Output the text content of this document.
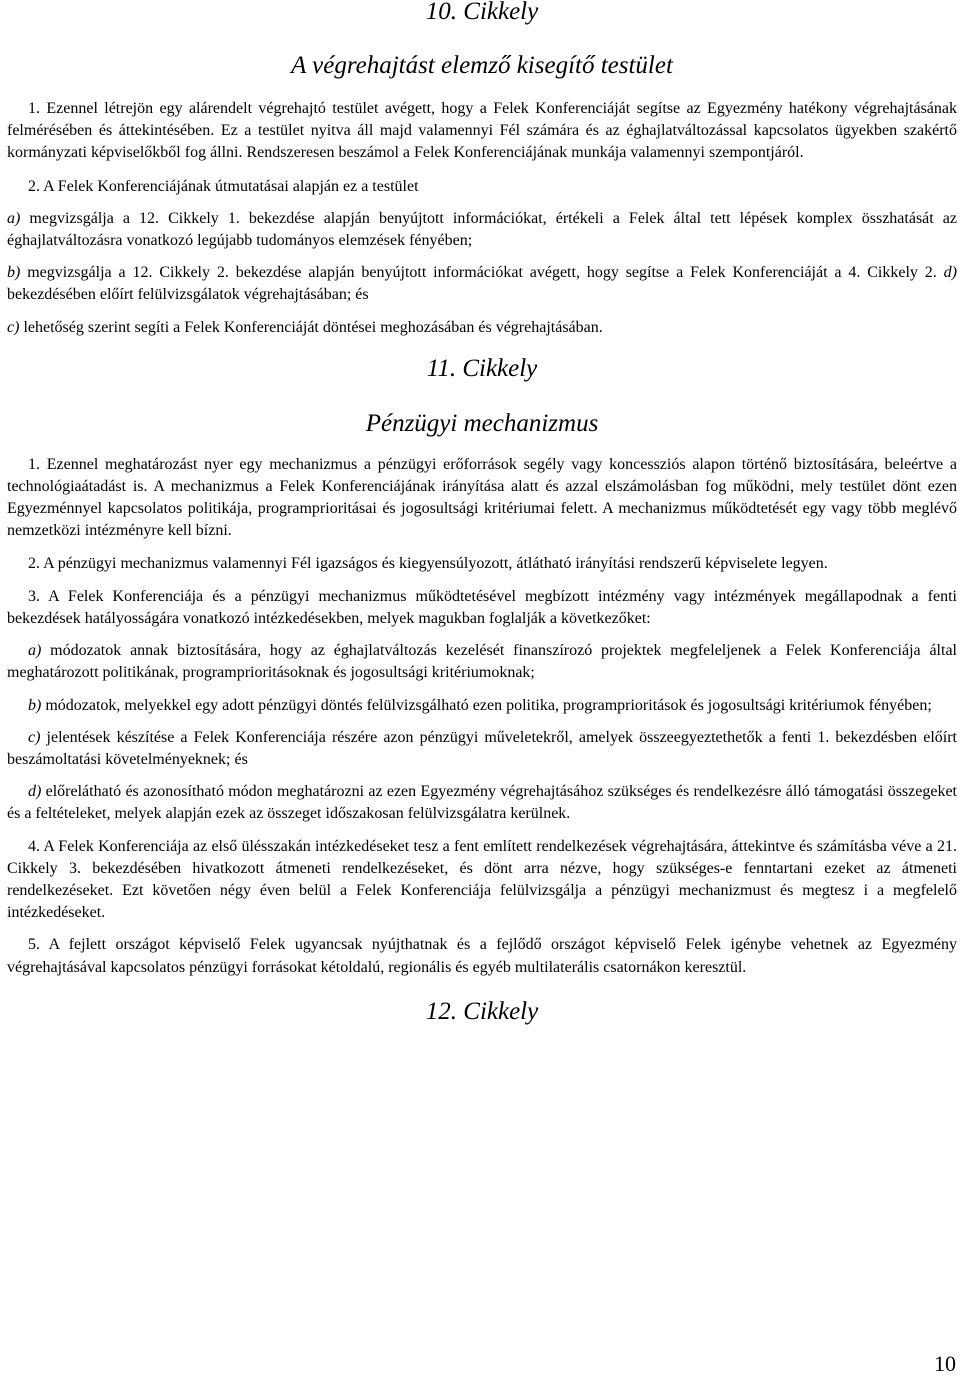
10. Cikkely
A végrehajtást elemző kisegítő testület

1. Ezennel létrejön egy alárendelt végrehajtó testület avégett, hogy a Felek Konferenciáját segítse az Egyezmény hatékony végrehajtásának felmérésében és áttekintésében. Ez a testület nyitva áll majd valamennyi Fél számára és az éghajlatváltozással kapcsolatos ügyekben szakértő kormányzati képviselőkből fog állni. Rendszeresen beszámol a Felek Konferenciájának munkája valamennyi szempontjáról.

2. A Felek Konferenciájának útmutatásai alapján ez a testület

a) megvizsgálja a 12. Cikkely 1. bekezdése alapján benyújtott információkat, értékeli a Felek által tett lépések komplex összhatását az éghajlatváltozásra vonatkozó legújabb tudományos elemzések fényében;

b) megvizsgálja a 12. Cikkely 2. bekezdése alapján benyújtott információkat avégett, hogy segítse a Felek Konferenciáját a 4. Cikkely 2. d) bekezdésében előírt felülvizsgálatok végrehajtásában; és

c) lehetőség szerint segíti a Felek Konferenciáját döntései meghozásában és végrehajtásában.

11. Cikkely
Pénzügyi mechanizmus

1. Ezennel meghatározást nyer egy mechanizmus a pénzügyi erőforrások segély vagy koncessziós alapon történő biztosítására, beleértve a technológiaátadást is. A mechanizmus a Felek Konferenciájának irányítása alatt és azzal elszámolásban fog működni, mely testület dönt ezen Egyezménnyel kapcsolatos politikája, programprioritásai és jogosultsági kritériumai felett. A mechanizmus működtetését egy vagy több meglévő nemzetközi intézményre kell bízni.

2. A pénzügyi mechanizmus valamennyi Fél igazságos és kiegyensúlyozott, átlátható irányítási rendszerű képviselete legyen.

3. A Felek Konferenciája és a pénzügyi mechanizmus működtetésével megbízott intézmény vagy intézmények megállapodnak a fenti bekezdések hatályosságára vonatkozó intézkedésekben, melyek magukban foglalják a következőket:

a) módozatok annak biztosítására, hogy az éghajlatváltozás kezelését finanszírozó projektek megfeleljenek a Felek Konferenciája által meghatározott politikának, programprioritásoknak és jogosultsági kritériumoknak;

b) módozatok, melyekkel egy adott pénzügyi döntés felülvizsgálható ezen politika, programprioritások és jogosultsági kritériumok fényében;

c) jelentések készítése a Felek Konferenciája részére azon pénzügyi műveletekről, amelyek összeegyeztethetők a fenti 1. bekezdésben előírt beszámoltatási követelményeknek; és

d) előrelátható és azonosítható módon meghatározni az ezen Egyezmény végrehajtásához szükséges és rendelkezésre álló támogatási összegeket és a feltételeket, melyek alapján ezek az összeget időszakosan felülvizsgálatra kerülnek.

4. A Felek Konferenciája az első ülésszakán intézkedéseket tesz a fent említett rendelkezések végrehajtására, áttekintve és számításba véve a 21. Cikkely 3. bekezdésében hivatkozott átmeneti rendelkezéseket, és dönt arra nézve, hogy szükséges-e fenntartani ezeket az átmeneti rendelkezéseket. Ezt követően négy éven belül a Felek Konferenciája felülvizsgálja a pénzügyi mechanizmust és megtesz i a megfelelő intézkedéseket.

5. A fejlett országot képviselő Felek ugyancsak nyújthatnak és a fejlődő országot képviselő Felek igénybe vehetnek az Egyezmény végrehajtásával kapcsolatos pénzügyi forrásokat kétoldalú, regionális és egyéb multilaterális csatornákon keresztül.

12. Cikkely
10
